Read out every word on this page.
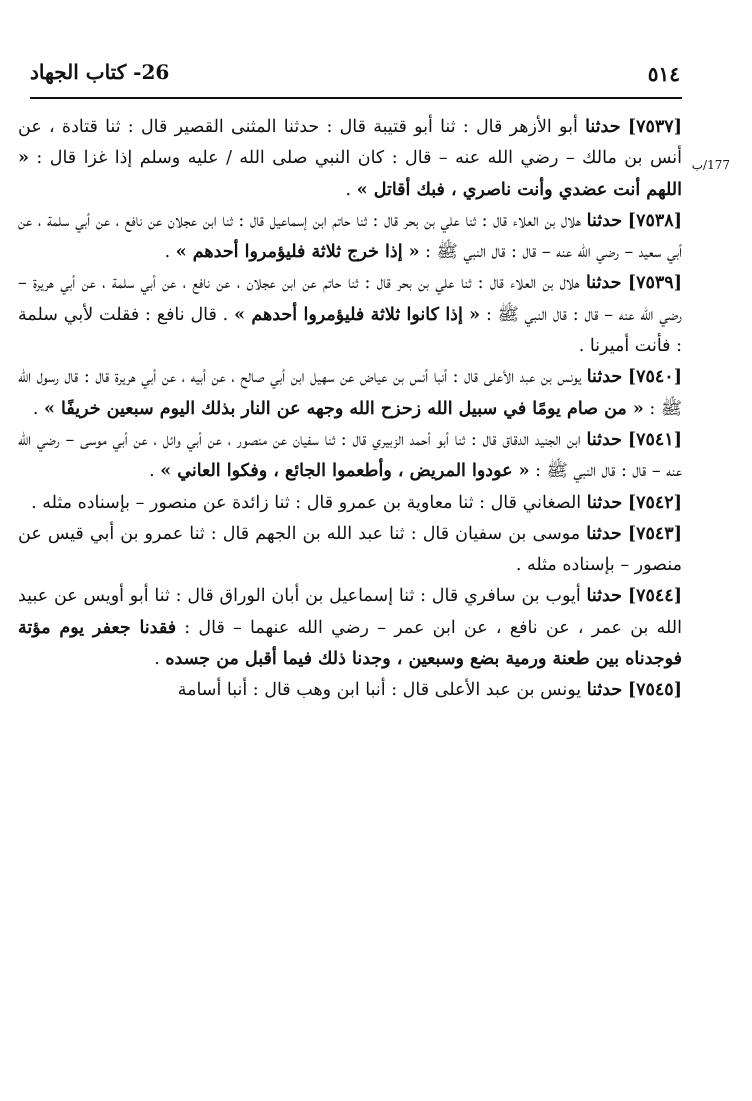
٥١٤
26- كتاب الجهاد
177/ب

[٧٥٣٧] حدثنا أبو الأزهر قال : ثنا أبو قتيبة قال : حدثنا المثنى القصير قال : ثنا قتادة ، عن أنس بن مالك – رضي الله عنه – قال : كان النبي صلى الله / عليه وسلم إذا غزا قال : « اللهم أنت عضدي وأنت ناصري ، فبك أقاتل » .

[٧٥٣٨] حدثنا هلال بن العلاء قال : ثنا علي بن بحر قال : ثنا حاتم ابن إسماعيل قال : ثنا ابن عجلان عن نافع ، عن أبي سلمة ، عن أبي سعيد – رضي الله عنه – قال : قال النبي ﷺ : « إذا خرج ثلاثة فليؤمروا أحدهم » .

[٧٥٣٩] حدثنا هلال بن العلاء قال : ثنا علي بن بحر قال : ثنا حاتم عن ابن عجلان ، عن نافع ، عن أبي سلمة ، عن أبي هريرة – رضي الله عنه – قال : قال النبي ﷺ : « إذا كانوا ثلاثة فليؤمروا أحدهم » . قال نافع : فقلت لأبي سلمة : فأنت أميرنا .

[٧٥٤٠] حدثنا يونس بن عبد الأعلى قال : أنبا أنس بن عياض عن سهيل ابن أبي صالح ، عن أبيه ، عن أبي هريرة قال : قال رسول الله ﷺ : « من صام يومًا في سبيل الله زحزح الله وجهه عن النار بذلك اليوم سبعين خريفًا » .

[٧٥٤١] حدثنا ابن الجنيد الدقاق قال : ثنا أبو أحمد الزبيري قال : ثنا سفيان عن منصور ، عن أبي وائل ، عن أبي موسى – رضي الله عنه – قال : قال النبي ﷺ : « عودوا المريض ، وأطعموا الجائع ، وفكوا العاني » .

[٧٥٤٢] حدثنا الصغاني قال : ثنا معاوية بن عمرو قال : ثنا زائدة عن منصور – بإسناده مثله .

[٧٥٤٣] حدثنا موسى بن سفيان قال : ثنا عبد الله بن الجهم قال : ثنا عمرو بن أبي قيس عن منصور – بإسناده مثله .

[٧٥٤٤] حدثنا أيوب بن سافري قال : ثنا إسماعيل بن أبان الوراق قال : ثنا أبو أويس عن عبيد الله بن عمر ، عن نافع ، عن ابن عمر – رضي الله عنهما – قال : فقدنا جعفر يوم مؤتة فوجدناه بين طعنة ورمية بضع وسبعين ، وجدنا ذلك فيما أقبل من جسده .

[٧٥٤٥] حدثنا يونس بن عبد الأعلى قال : أنبا ابن وهب قال : أنبا أسامة
